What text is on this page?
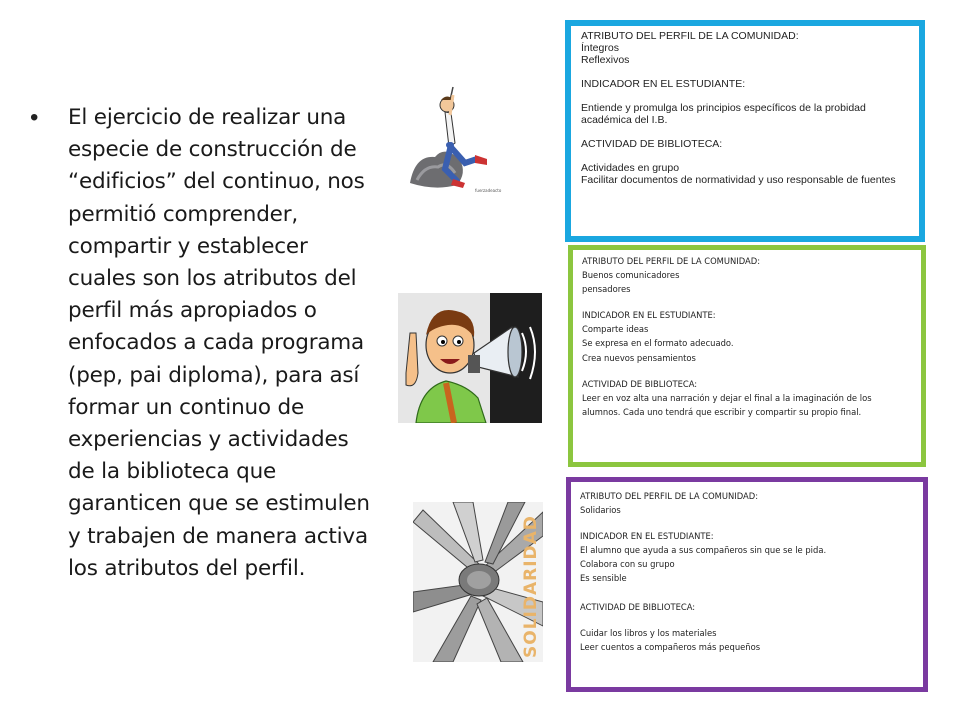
• El ejercicio de realizar una especie de construcción de “edificios” del continuo, nos permitió comprender, compartir y establecer cuales son los atributos del perfil más apropiados o enfocados a cada programa (pep, pai diploma), para así formar un continuo de experiencias y actividades de la biblioteca que garanticen que se estimulen y trabajen de manera activa los atributos del perfil.
fuerzadeacto
ATRIBUTO DEL PERFIL DE LA COMUNIDAD:
Íntegros
Reflexivos
INDICADOR EN EL ESTUDIANTE:
Entiende y promulga los principios específicos de la probidad académica del I.B.
ACTIVIDAD DE BIBLIOTECA:
Actividades en grupo
Facilitar documentos de normatividad y uso responsable de fuentes
ATRIBUTO DEL PERFIL DE LA COMUNIDAD:
Buenos comunicadores
pensadores
INDICADOR EN EL ESTUDIANTE:
Comparte ideas
Se expresa en el formato adecuado.
Crea nuevos pensamientos
ACTIVIDAD DE BIBLIOTECA:
Leer en voz alta una narración y dejar el final a la imaginación de los alumnos. Cada uno tendrá que escribir y compartir su propio final.
SOLIDARIDAD
ATRIBUTO DEL PERFIL DE LA COMUNIDAD:
Solidarios
INDICADOR EN EL ESTUDIANTE:
El alumno que ayuda a sus compañeros sin que se le pida.
Colabora con su grupo
Es sensible
ACTIVIDAD DE BIBLIOTECA:
Cuidar los libros y los materiales
Leer cuentos a compañeros más pequeños
